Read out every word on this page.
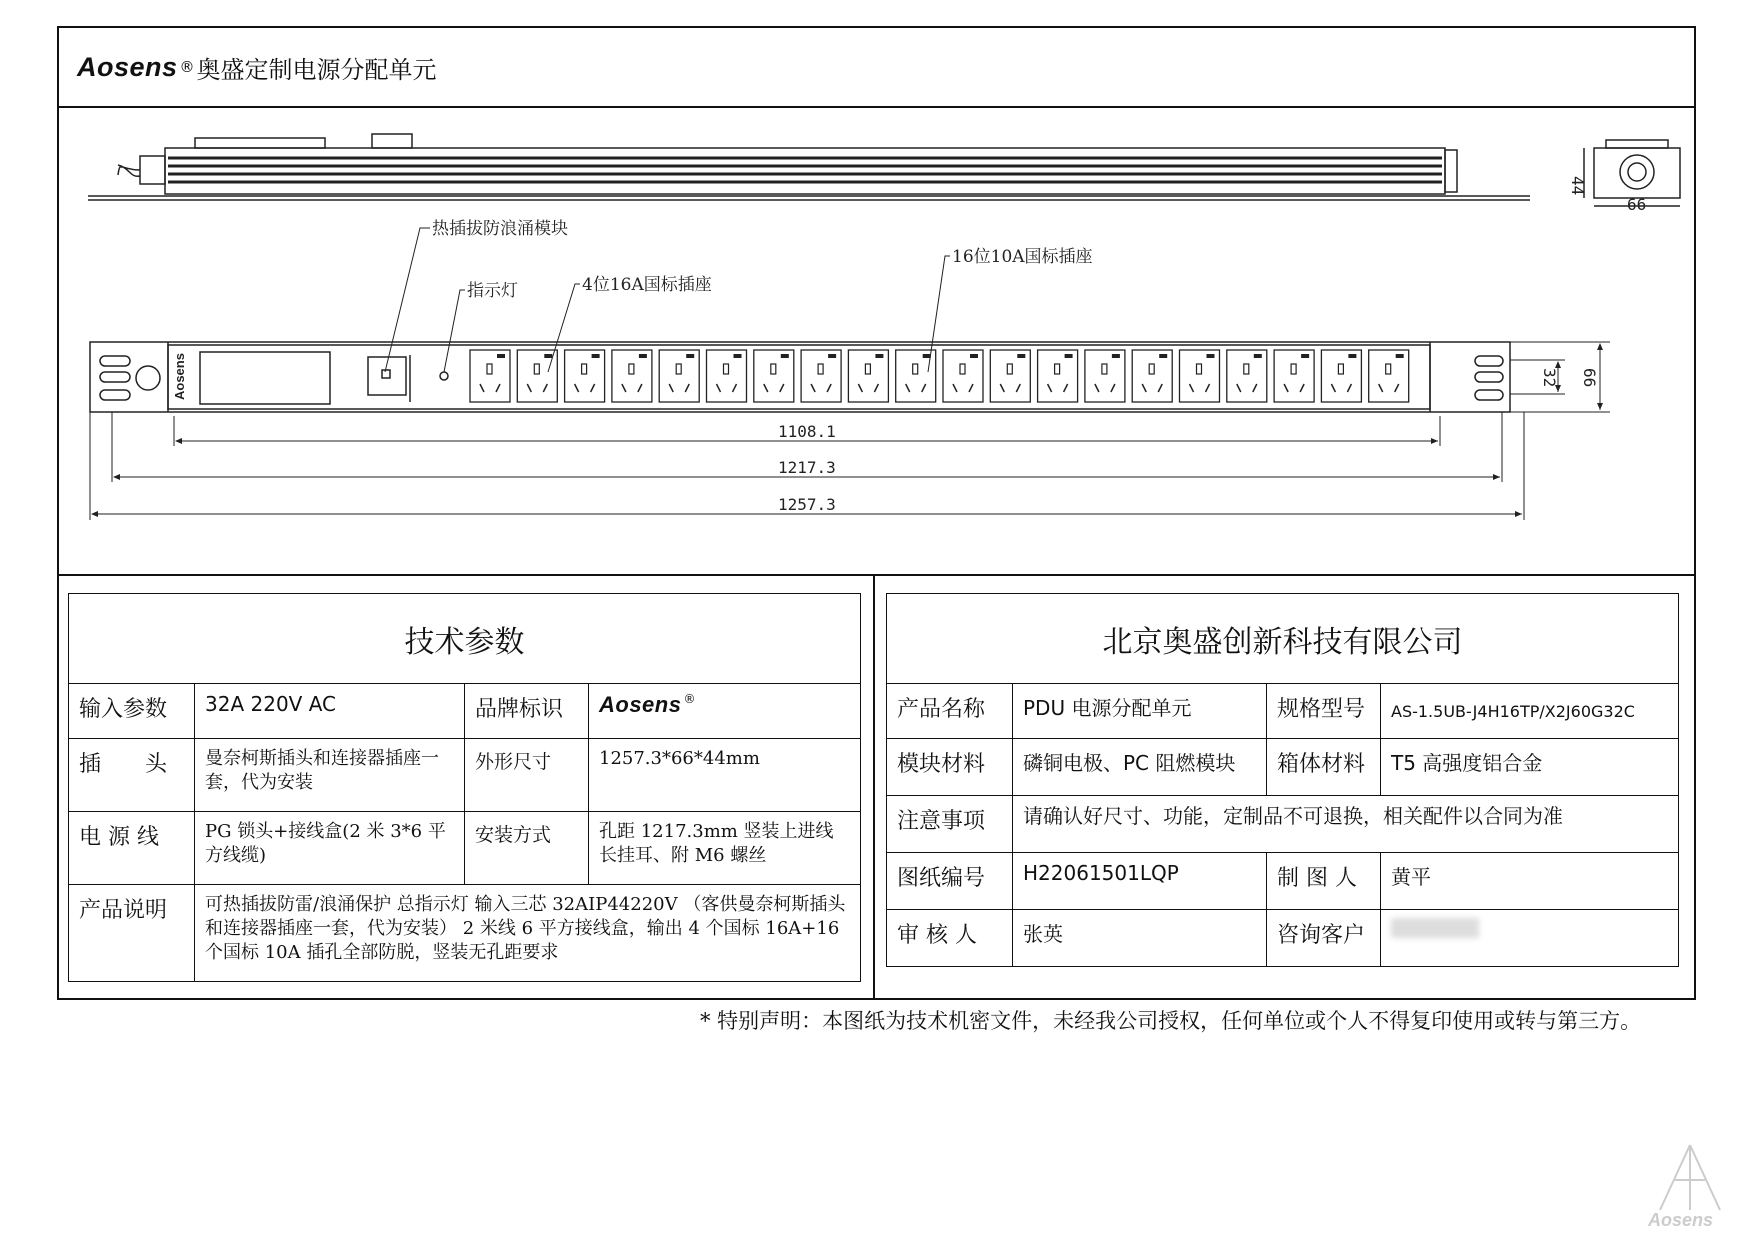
Aosens ® 奥盛定制电源分配单元
44
66
Aosens
热插拔防浪涌模块
指示灯	4位16A国标插座
16位10A国标插座
1108.1
1217.3
1257.3
32 66
技术参数			
输入参数	32A 220V AC	品牌标识	Aosens ®
插　　头	曼奈柯斯插头和连接器插座一套，代为安装	外形尺寸	1257.3*66*44mm
电 源 线	PG 锁头+接线盒(2 米 3*6 平方线缆)	安装方式	孔距 1217.3mm 竖装上进线长挂耳、附 M6 螺丝
产品说明	可热插拔防雷/浪涌保护 总指示灯 输入三芯 32AIP44220V （客供曼奈柯斯插头和连接器插座一套，代为安装） 2 米线 6 平方接线盒，输出 4 个国标 16A+16 个国标 10A 插孔全部防脱，竖装无孔距要求		
北京奥盛创新科技有限公司			
产品名称	PDU 电源分配单元	规格型号	AS-1.5UB-J4H16TP/X2J60G32C
模块材料	磷铜电极、PC 阻燃模块	箱体材料	T5 高强度铝合金
注意事项	请确认好尺寸、功能，定制品不可退换，相关配件以合同为准		
图纸编号	H22061501LQP	制 图 人	黄平
审 核 人	张英	咨询客户	
* 特别声明：本图纸为技术机密文件，未经我公司授权，任何单位或个人不得复印使用或转与第三方。
Aosens
